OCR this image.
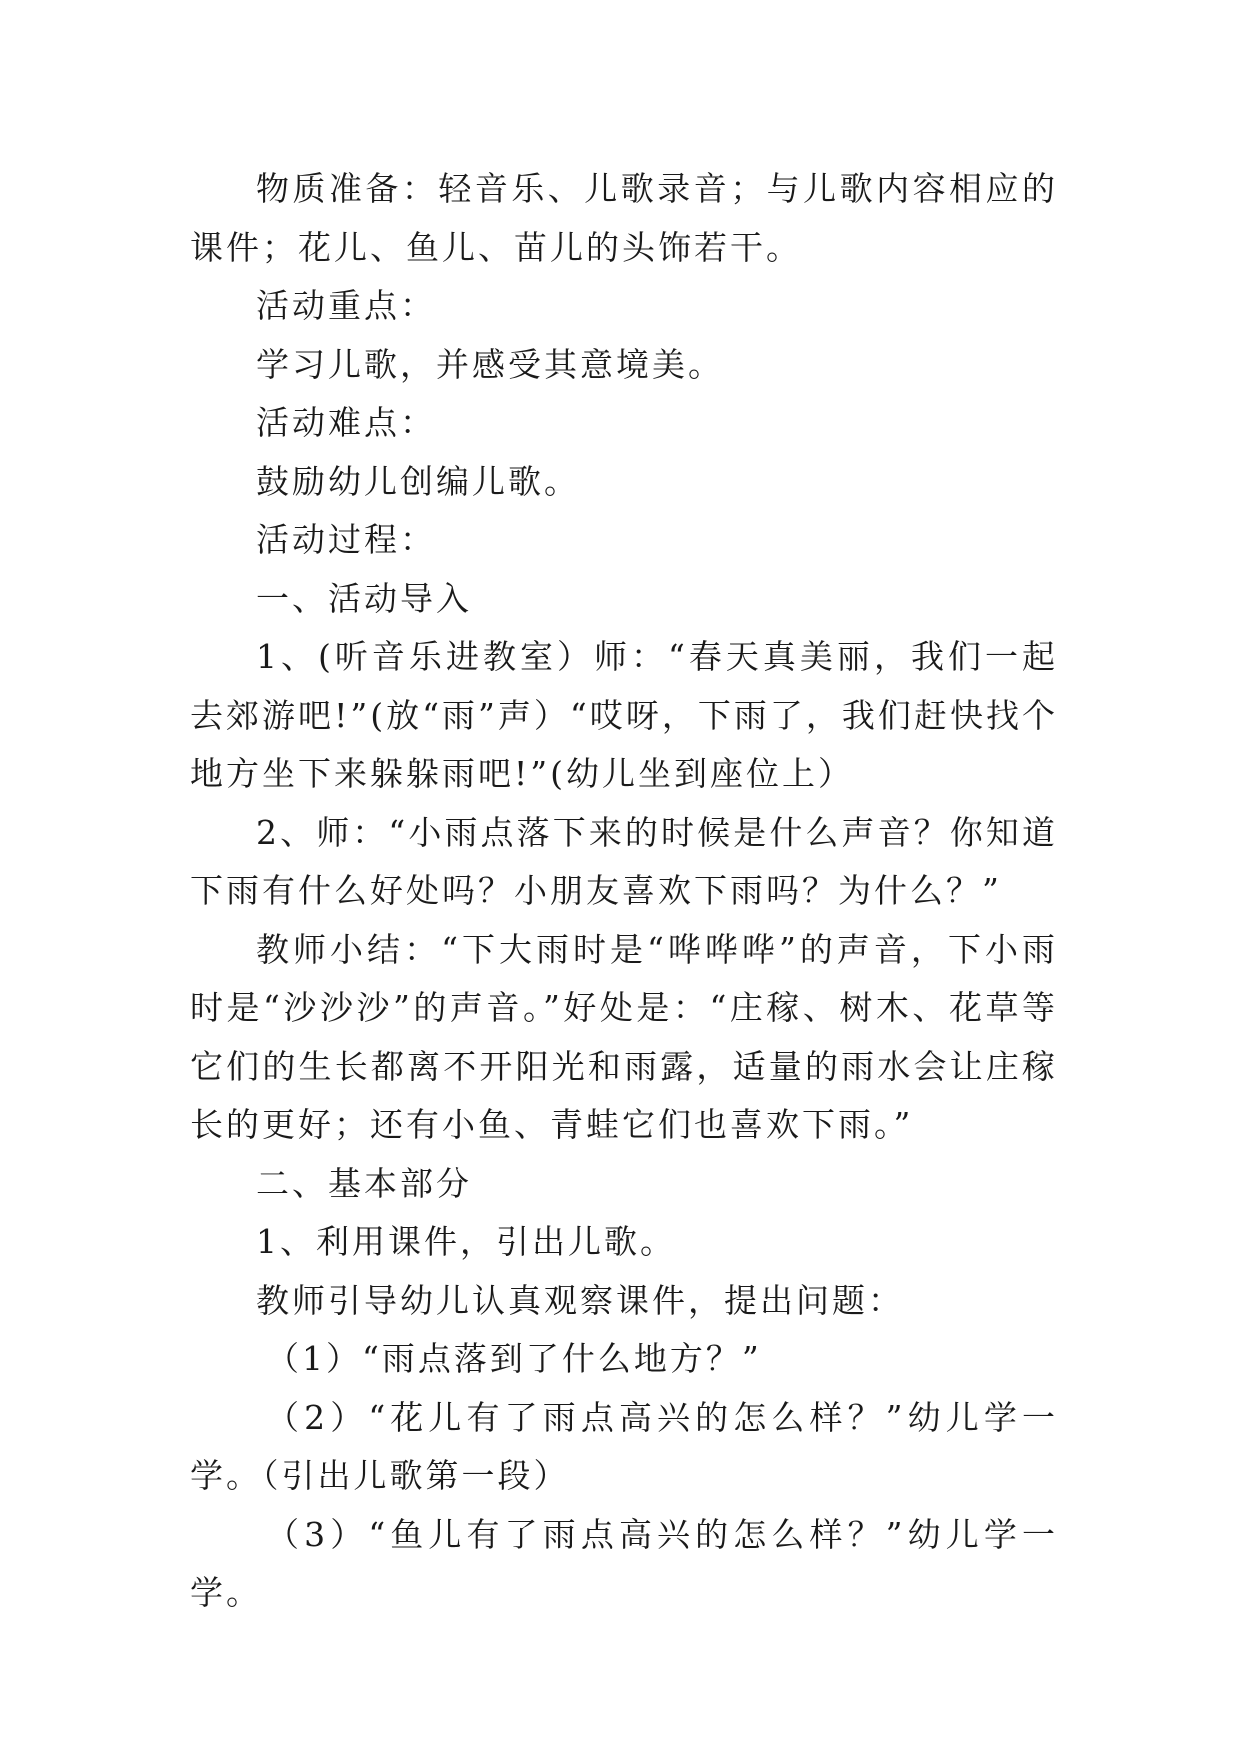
物质准备：轻音乐、儿歌录音；与儿歌内容相应的课件；花儿、鱼儿、苗儿的头饰若干。

活动重点：

学习儿歌，并感受其意境美。

活动难点：

鼓励幼儿创编儿歌。

活动过程：

一、活动导入

1、(听音乐进教室）师：“春天真美丽，我们一起去郊游吧!”(放“雨”声）“哎呀，下雨了，我们赶快找个地方坐下来躲躲雨吧!”(幼儿坐到座位上）

2、师：“小雨点落下来的时候是什么声音？你知道下雨有什么好处吗？小朋友喜欢下雨吗？为什么？”

教师小结：“下大雨时是“哗哗哗”的声音，下小雨时是“沙沙沙”的声音。”好处是：“庄稼、树木、花草等它们的生长都离不开阳光和雨露，适量的雨水会让庄稼长的更好；还有小鱼、青蛙它们也喜欢下雨。”

二、基本部分

1、利用课件，引出儿歌。

教师引导幼儿认真观察课件，提出问题：

（1）“雨点落到了什么地方？”

（2）“花儿有了雨点高兴的怎么样？”幼儿学一学。（引出儿歌第一段）

（3）“鱼儿有了雨点高兴的怎么样？”幼儿学一学。
